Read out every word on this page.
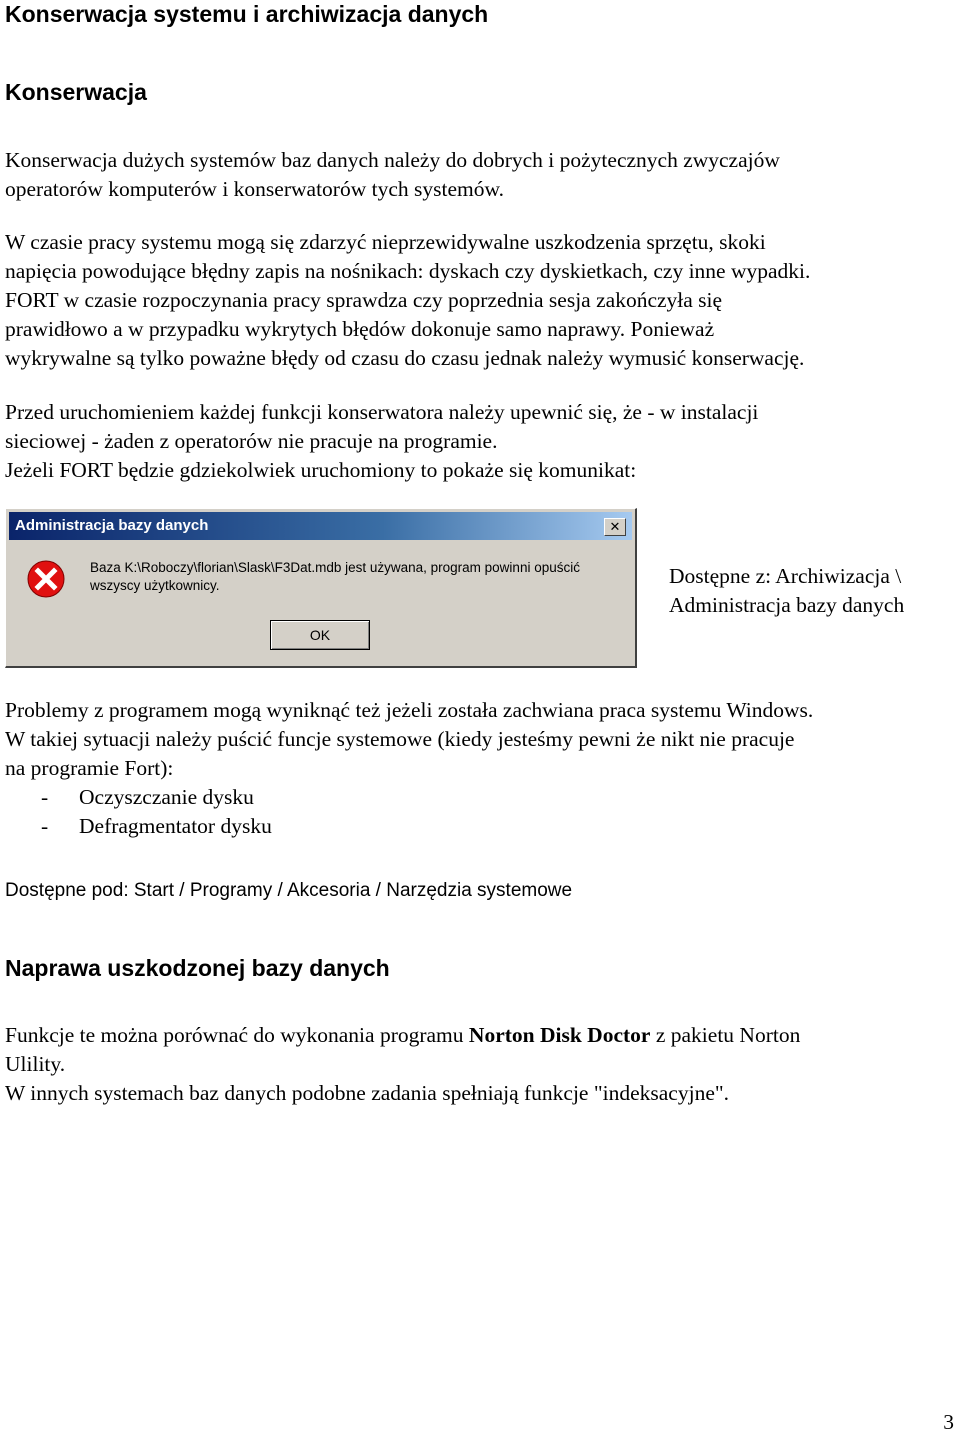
Konserwacja systemu i archiwizacja danych
Konserwacja
Konserwacja dużych systemów baz danych należy do dobrych i pożytecznych zwyczajów
operatorów komputerów i konserwatorów tych systemów.
W czasie pracy systemu mogą się zdarzyć nieprzewidywalne uszkodzenia sprzętu, skoki
napięcia powodujące błędny zapis na nośnikach: dyskach czy dyskietkach, czy inne wypadki.
FORT w czasie rozpoczynania pracy sprawdza czy poprzednia sesja zakończyła się
prawidłowo a w przypadku wykrytych błędów dokonuje samo naprawy. Ponieważ
wykrywalne są tylko poważne błędy od czasu do czasu jednak należy wymusić konserwację.
Przed uruchomieniem każdej funkcji konserwatora należy upewnić się, że - w instalacji
sieciowej - żaden z operatorów nie pracuje na programie.
Jeżeli FORT będzie gdziekolwiek uruchomiony to pokaże się komunikat:
Administracja bazy danych	✕
Baza K:\Roboczy\florian\Slask\F3Dat.mdb jest używana, program powinni opuścić
wszyscy użytkownicy.
OK
Dostępne z: Archiwizacja \
Administracja bazy danych
Problemy z programem mogą wyniknąć też jeżeli została zachwiana praca systemu Windows.
W takiej sytuacji należy puścić funcje systemowe (kiedy jesteśmy pewni że nikt nie pracuje
na programie Fort):
- Oczyszczanie dysku
- Defragmentator dysku
Dostępne pod: Start / Programy / Akcesoria / Narzędzia systemowe
Naprawa uszkodzonej bazy danych
Funkcje te można porównać do wykonania programu Norton Disk Doctor z pakietu Norton
Ulility.
W innych systemach baz danych podobne zadania spełniają funkcje "indeksacyjne".
3
